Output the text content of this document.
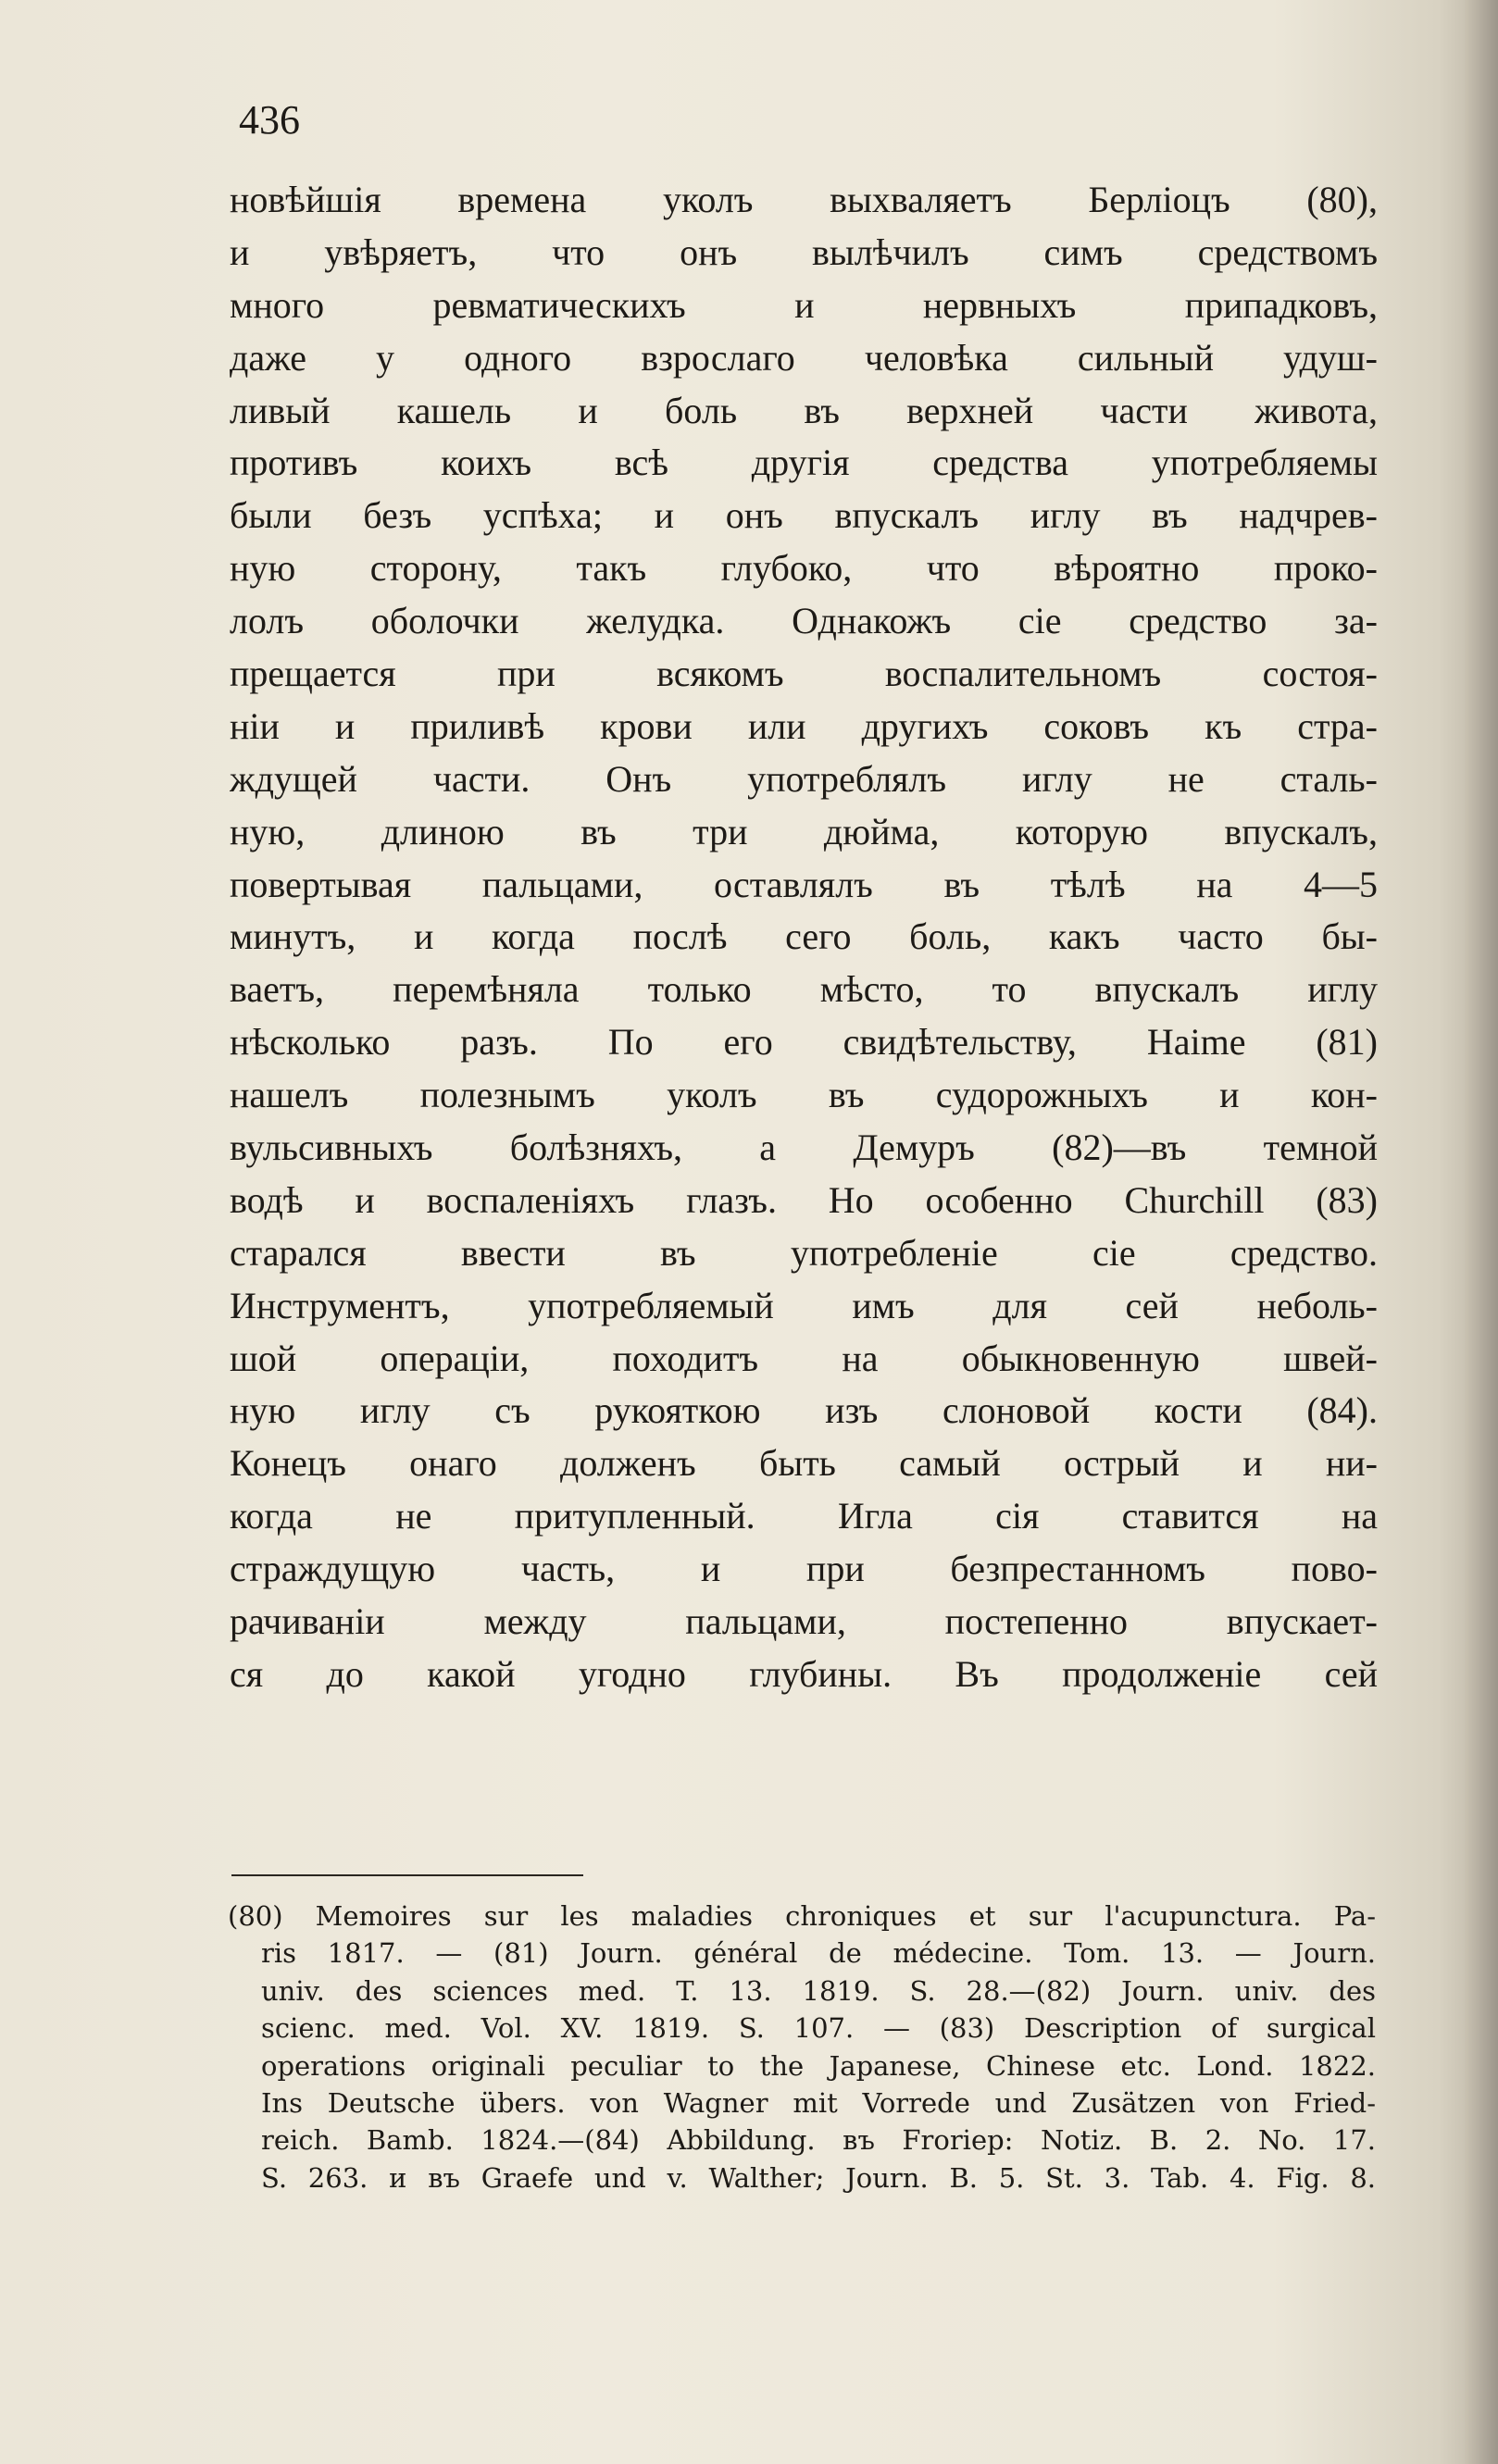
436
новѣйшія времена уколъ выхваляетъ Берліоцъ (80),
и увѣряетъ, что онъ вылѣчилъ симъ средствомъ
много ревматическихъ и нервныхъ припадковъ,
даже у одного взрослаго человѣка сильный удуш-
ливый кашель и боль въ верхней части живота,
противъ коихъ всѣ другія средства употребляемы
были безъ успѣха; и онъ впускалъ иглу въ надчрев-
ную сторону, такъ глубоко, что вѣроятно проко-
лолъ оболочки желудка. Однакожъ сіе средство за-
прещается при всякомъ воспалительномъ состоя-
ніи и приливѣ крови или другихъ соковъ къ стра-
ждущей части. Онъ употреблялъ иглу не сталь-
ную, длиною въ три дюйма, которую впускалъ,
повертывая пальцами, оставлялъ въ тѣлѣ на 4—5
минутъ, и когда послѣ сего боль, какъ часто бы-
ваетъ, перемѣняла только мѣсто, то впускалъ иглу
нѣсколько разъ. По его свидѣтельству, Haime (81)
нашелъ полезнымъ уколъ въ судорожныхъ и кон-
вульсивныхъ болѣзняхъ, а Демуръ (82)—въ темной
водѣ и воспаленіяхъ глазъ. Но особенно Churchill (83)
старался ввести въ употребленіе сіе средство.
Инструментъ, употребляемый имъ для сей неболь-
шой операціи, походитъ на обыкновенную швей-
ную иглу съ рукояткою изъ слоновой кости (84).
Конецъ онаго долженъ быть самый острый и ни-
когда не притупленный. Игла сія ставится на
страждущую часть, и при безпрестанномъ пово-
рачиваніи между пальцами, постепенно впускает-
ся до какой угодно глубины. Въ продолженіе сей
(80) Memoires sur les maladies chroniques et sur l'acupunctura. Pa-
ris 1817. — (81) Journ. général de médecine. Tom. 13. — Journ.
univ. des sciences med. T. 13. 1819. S. 28.—(82) Journ. univ. des
scienc. med. Vol. XV. 1819. S. 107. — (83) Description of surgical
operations originali peculiar to the Japanese, Chinese etc. Lond. 1822.
Ins Deutsche übers. von Wagner mit Vorrede und Zusätzen von Fried-
reich. Bamb. 1824.—(84) Abbildung. въ Froriep: Notiz. B. 2. No. 17.
S. 263. и въ Graefe und v. Walther; Journ. B. 5. St. 3. Tab. 4. Fig. 8.
